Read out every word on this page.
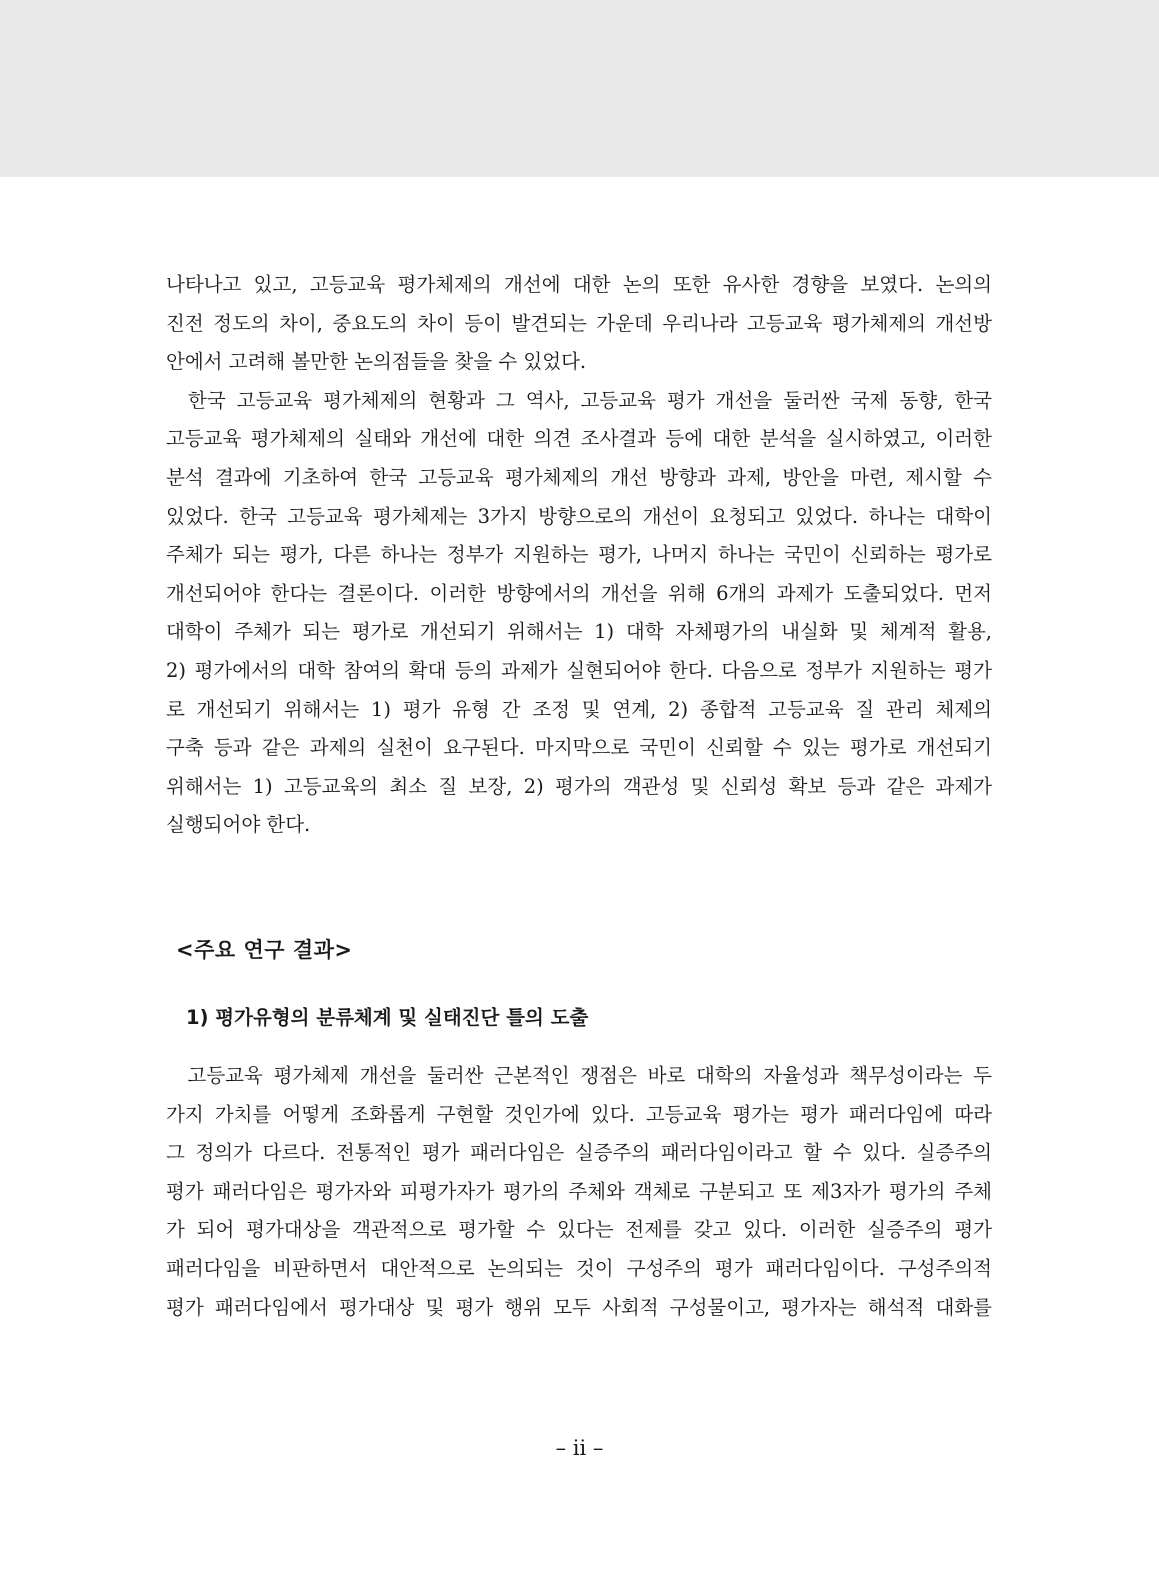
나타나고 있고, 고등교육 평가체제의 개선에 대한 논의 또한 유사한 경향을 보였다. 논의의
진전 정도의 차이, 중요도의 차이 등이 발견되는 가운데 우리나라 고등교육 평가체제의 개선방
안에서 고려해 볼만한 논의점들을 찾을 수 있었다.
한국 고등교육 평가체제의 현황과 그 역사, 고등교육 평가 개선을 둘러싼 국제 동향, 한국
고등교육 평가체제의 실태와 개선에 대한 의견 조사결과 등에 대한 분석을 실시하였고, 이러한
분석 결과에 기초하여 한국 고등교육 평가체제의 개선 방향과 과제, 방안을 마련, 제시할 수
있었다. 한국 고등교육 평가체제는 3가지 방향으로의 개선이 요청되고 있었다. 하나는 대학이
주체가 되는 평가, 다른 하나는 정부가 지원하는 평가, 나머지 하나는 국민이 신뢰하는 평가로
개선되어야 한다는 결론이다. 이러한 방향에서의 개선을 위해 6개의 과제가 도출되었다. 먼저
대학이 주체가 되는 평가로 개선되기 위해서는 1) 대학 자체평가의 내실화 및 체계적 활용,
2) 평가에서의 대학 참여의 확대 등의 과제가 실현되어야 한다. 다음으로 정부가 지원하는 평가
로 개선되기 위해서는 1) 평가 유형 간 조정 및 연계, 2) 종합적 고등교육 질 관리 체제의
구축 등과 같은 과제의 실천이 요구된다. 마지막으로 국민이 신뢰할 수 있는 평가로 개선되기
위해서는 1) 고등교육의 최소 질 보장, 2) 평가의 객관성 및 신뢰성 확보 등과 같은 과제가
실행되어야 한다.
<주요 연구 결과>
1) 평가유형의 분류체계 및 실태진단 틀의 도출
고등교육 평가체제 개선을 둘러싼 근본적인 쟁점은 바로 대학의 자율성과 책무성이라는 두
가지 가치를 어떻게 조화롭게 구현할 것인가에 있다. 고등교육 평가는 평가 패러다임에 따라
그 정의가 다르다. 전통적인 평가 패러다임은 실증주의 패러다임이라고 할 수 있다. 실증주의
평가 패러다임은 평가자와 피평가자가 평가의 주체와 객체로 구분되고 또 제3자가 평가의 주체
가 되어 평가대상을 객관적으로 평가할 수 있다는 전제를 갖고 있다. 이러한 실증주의 평가
패러다임을 비판하면서 대안적으로 논의되는 것이 구성주의 평가 패러다임이다. 구성주의적
평가 패러다임에서 평가대상 및 평가 행위 모두 사회적 구성물이고, 평가자는 해석적 대화를
– ii –
